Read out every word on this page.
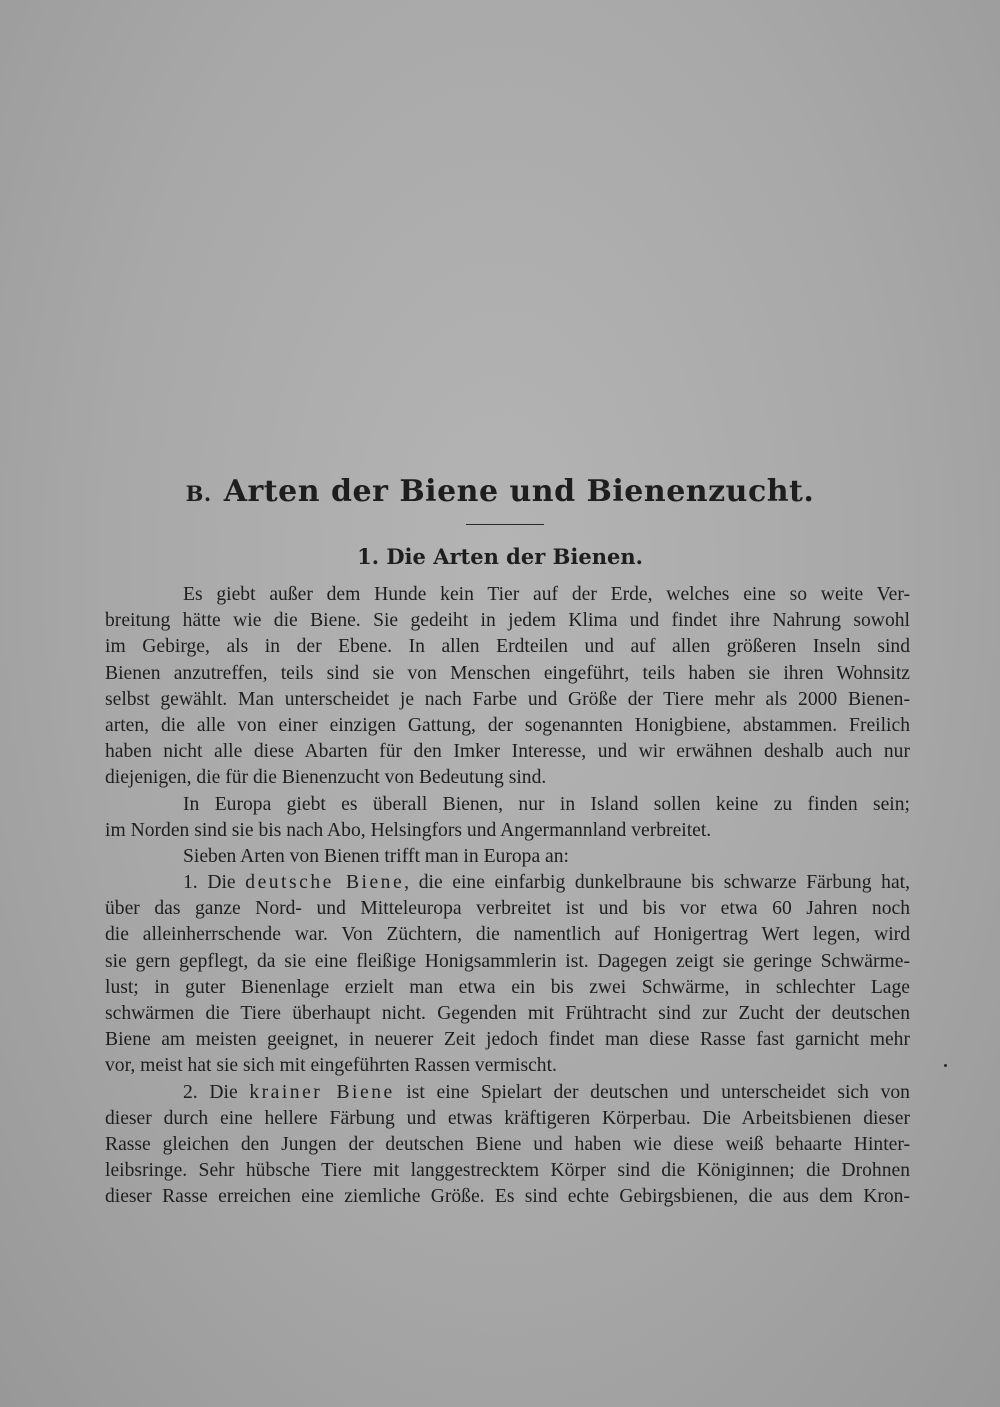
B. Arten der Biene und Bienenzucht.
1. Die Arten der Bienen.
Es giebt außer dem Hunde kein Tier auf der Erde, welches eine so weite Ver-
breitung hätte wie die Biene. Sie gedeiht in jedem Klima und findet ihre Nahrung sowohl
im Gebirge, als in der Ebene. In allen Erdteilen und auf allen größeren Inseln sind
Bienen anzutreffen, teils sind sie von Menschen eingeführt, teils haben sie ihren Wohnsitz
selbst gewählt. Man unterscheidet je nach Farbe und Größe der Tiere mehr als 2000 Bienen-
arten, die alle von einer einzigen Gattung, der sogenannten Honigbiene, abstammen. Freilich
haben nicht alle diese Abarten für den Imker Interesse, und wir erwähnen deshalb auch nur
diejenigen, die für die Bienenzucht von Bedeutung sind.
In Europa giebt es überall Bienen, nur in Island sollen keine zu finden sein;
im Norden sind sie bis nach Abo, Helsingfors und Angermannland verbreitet.
Sieben Arten von Bienen trifft man in Europa an:
1. Die deutsche Biene, die eine einfarbig dunkelbraune bis schwarze Färbung hat,
über das ganze Nord- und Mitteleuropa verbreitet ist und bis vor etwa 60 Jahren noch
die alleinherrschende war. Von Züchtern, die namentlich auf Honigertrag Wert legen, wird
sie gern gepflegt, da sie eine fleißige Honigsammlerin ist. Dagegen zeigt sie geringe Schwärme-
lust; in guter Bienenlage erzielt man etwa ein bis zwei Schwärme, in schlechter Lage
schwärmen die Tiere überhaupt nicht. Gegenden mit Frühtracht sind zur Zucht der deutschen
Biene am meisten geeignet, in neuerer Zeit jedoch findet man diese Rasse fast garnicht mehr
vor, meist hat sie sich mit eingeführten Rassen vermischt.
2. Die krainer Biene ist eine Spielart der deutschen und unterscheidet sich von
dieser durch eine hellere Färbung und etwas kräftigeren Körperbau. Die Arbeitsbienen dieser
Rasse gleichen den Jungen der deutschen Biene und haben wie diese weiß behaarte Hinter-
leibsringe. Sehr hübsche Tiere mit langgestrecktem Körper sind die Königinnen; die Drohnen
dieser Rasse erreichen eine ziemliche Größe. Es sind echte Gebirgsbienen, die aus dem Kron-
